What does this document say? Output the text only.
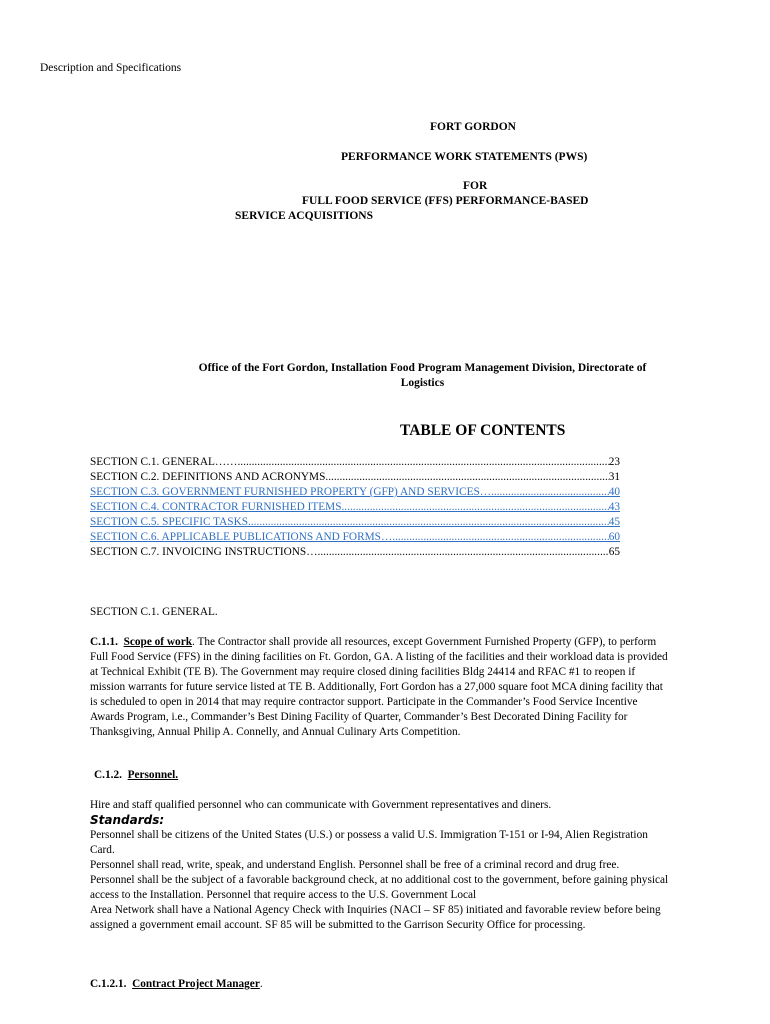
Description and Specifications
FORT GORDON
PERFORMANCE WORK STATEMENTS (PWS)
FOR
FULL FOOD SERVICE (FFS) PERFORMANCE-BASED
SERVICE ACQUISITIONS
Office of the Fort Gordon, Installation Food Program Management Division, Directorate of
Logistics
TABLE OF CONTENTS
SECTION C.1. GENERAL…… .....	23
SECTION C.2. DEFINITIONS AND ACRONYMS .....	31
SECTION C.3. GOVERNMENT FURNISHED PROPERTY (GFP) AND SERVICES… .....	40
SECTION C.4. CONTRACTOR FURNISHED ITEMS .....	43
SECTION C.5. SPECIFIC TASKS .....	45
SECTION C.6. APPLICABLE PUBLICATIONS AND FORMS… .....	60
SECTION C.7. INVOICING INSTRUCTIONS… .....	65
SECTION C.1. GENERAL.
C.1.1. Scope of work. The Contractor shall provide all resources, except Government Furnished Property (GFP), to perform Full Food Service (FFS) in the dining facilities on Ft. Gordon, GA. A listing of the facilities and their workload data is provided at Technical Exhibit (TE B). The Government may require closed dining facilities Bldg 24414 and RFAC #1 to reopen if mission warrants for future service listed at TE B. Additionally, Fort Gordon has a 27,000 square foot MCA dining facility that is scheduled to open in 2014 that may require contractor support. Participate in the Commander’s Food Service Incentive Awards Program, i.e., Commander’s Best Dining Facility of Quarter, Commander’s Best Decorated Dining Facility for Thanksgiving, Annual Philip A. Connelly, and Annual Culinary Arts Competition.
C.1.2. Personnel.
Hire and staff qualified personnel who can communicate with Government representatives and diners.
Standards:
Personnel shall be citizens of the United States (U.S.) or possess a valid U.S. Immigration T-151 or I-94, Alien Registration Card.
Personnel shall read, write, speak, and understand English. Personnel shall be free of a criminal record and drug free.
Personnel shall be the subject of a favorable background check, at no additional cost to the government, before gaining physical access to the Installation. Personnel that require access to the U.S. Government Local
Area Network shall have a National Agency Check with Inquiries (NACI – SF 85) initiated and favorable review before being assigned a government email account. SF 85 will be submitted to the Garrison Security Office for processing.
C.1.2.1. Contract Project Manager.
